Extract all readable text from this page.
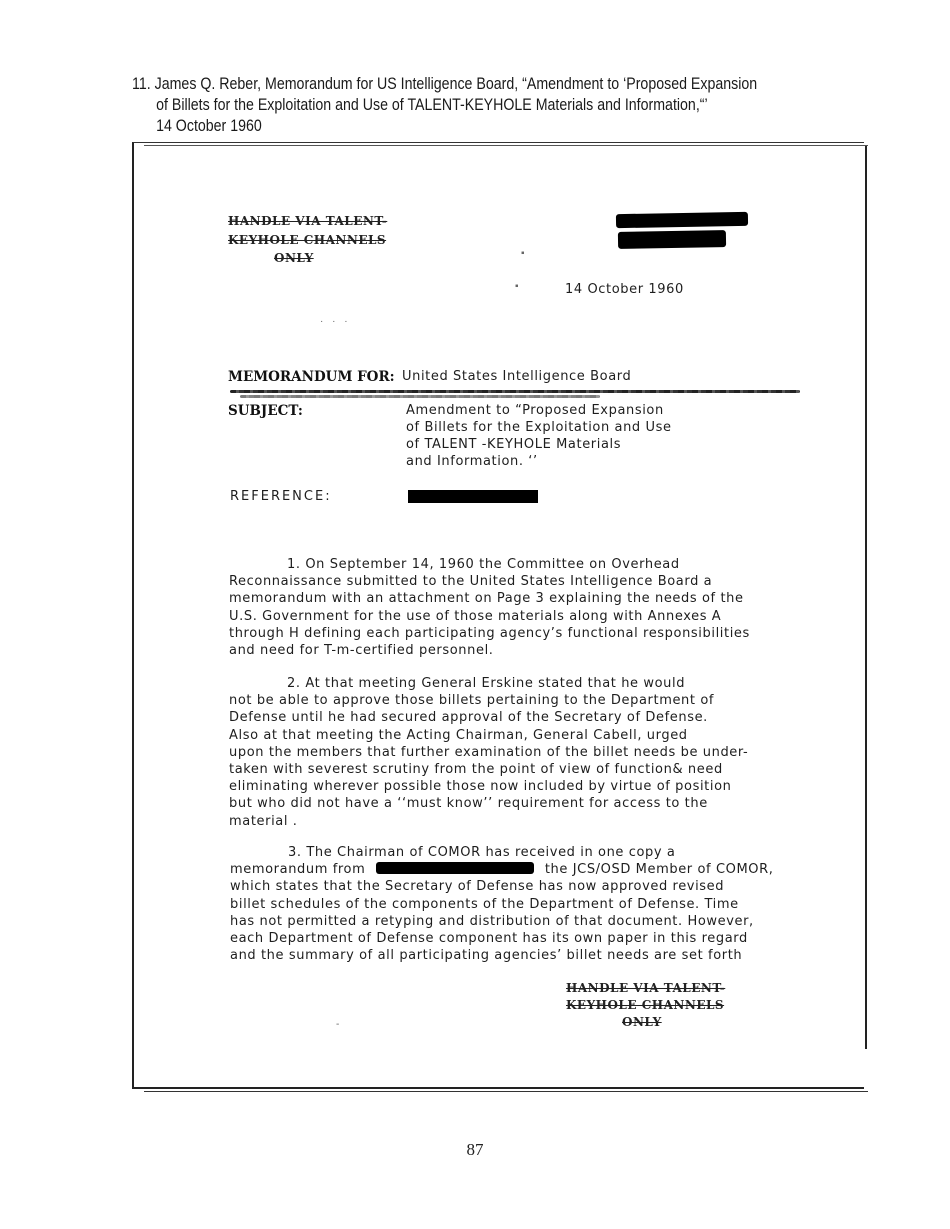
11. James Q. Reber, Memorandum for US Intelligence Board, “Amendment to ‘Proposed Expansion
of Billets for the Exploitation and Use of TALENT-KEYHOLE Materials and Information,“’
14 October 1960
HANDLE VIA TALENT-
KEYHOLE CHANNELS
ONLY	▪
▪	14 October 1960
· · ·
MEMORANDUM FOR: United States Intelligence Board
SUBJECT:	Amendment to “Proposed Expansion
of Billets for the Exploitation and Use
of TALENT -KEYHOLE Materials
and Information. ‘’
REFERENCE:
1. On September 14, 1960 the Committee on Overhead
Reconnaissance submitted to the United States Intelligence Board a
memorandum with an attachment on Page 3 explaining the needs of the
U.S. Government for the use of those materials along with Annexes A
through H defining each participating agency’s functional responsibilities
and need for T-m-certified personnel.
2. At that meeting General Erskine stated that he would
not be able to approve those billets pertaining to the Department of
Defense until he had secured approval of the Secretary of Defense.
Also at that meeting the Acting Chairman, General Cabell, urged
upon the members that further examination of the billet needs be under-
taken with severest scrutiny from the point of view of function& need
eliminating wherever possible those now included by virtue of position
but who did not have a ‘‘must know’’ requirement for access to the
material .
3. The Chairman of COMOR has received in one copy a
memorandum from	the JCS/OSD Member of COMOR,
which states that the Secretary of Defense has now approved revised
billet schedules of the components of the Department of Defense. Time
has not permitted a retyping and distribution of that document. However,
each Department of Defense component has its own paper in this regard
and the summary of all participating agencies’ billet needs are set forth
HANDLE VIA TALENT-
KEYHOLE CHANNELS
ONLY
-
87
